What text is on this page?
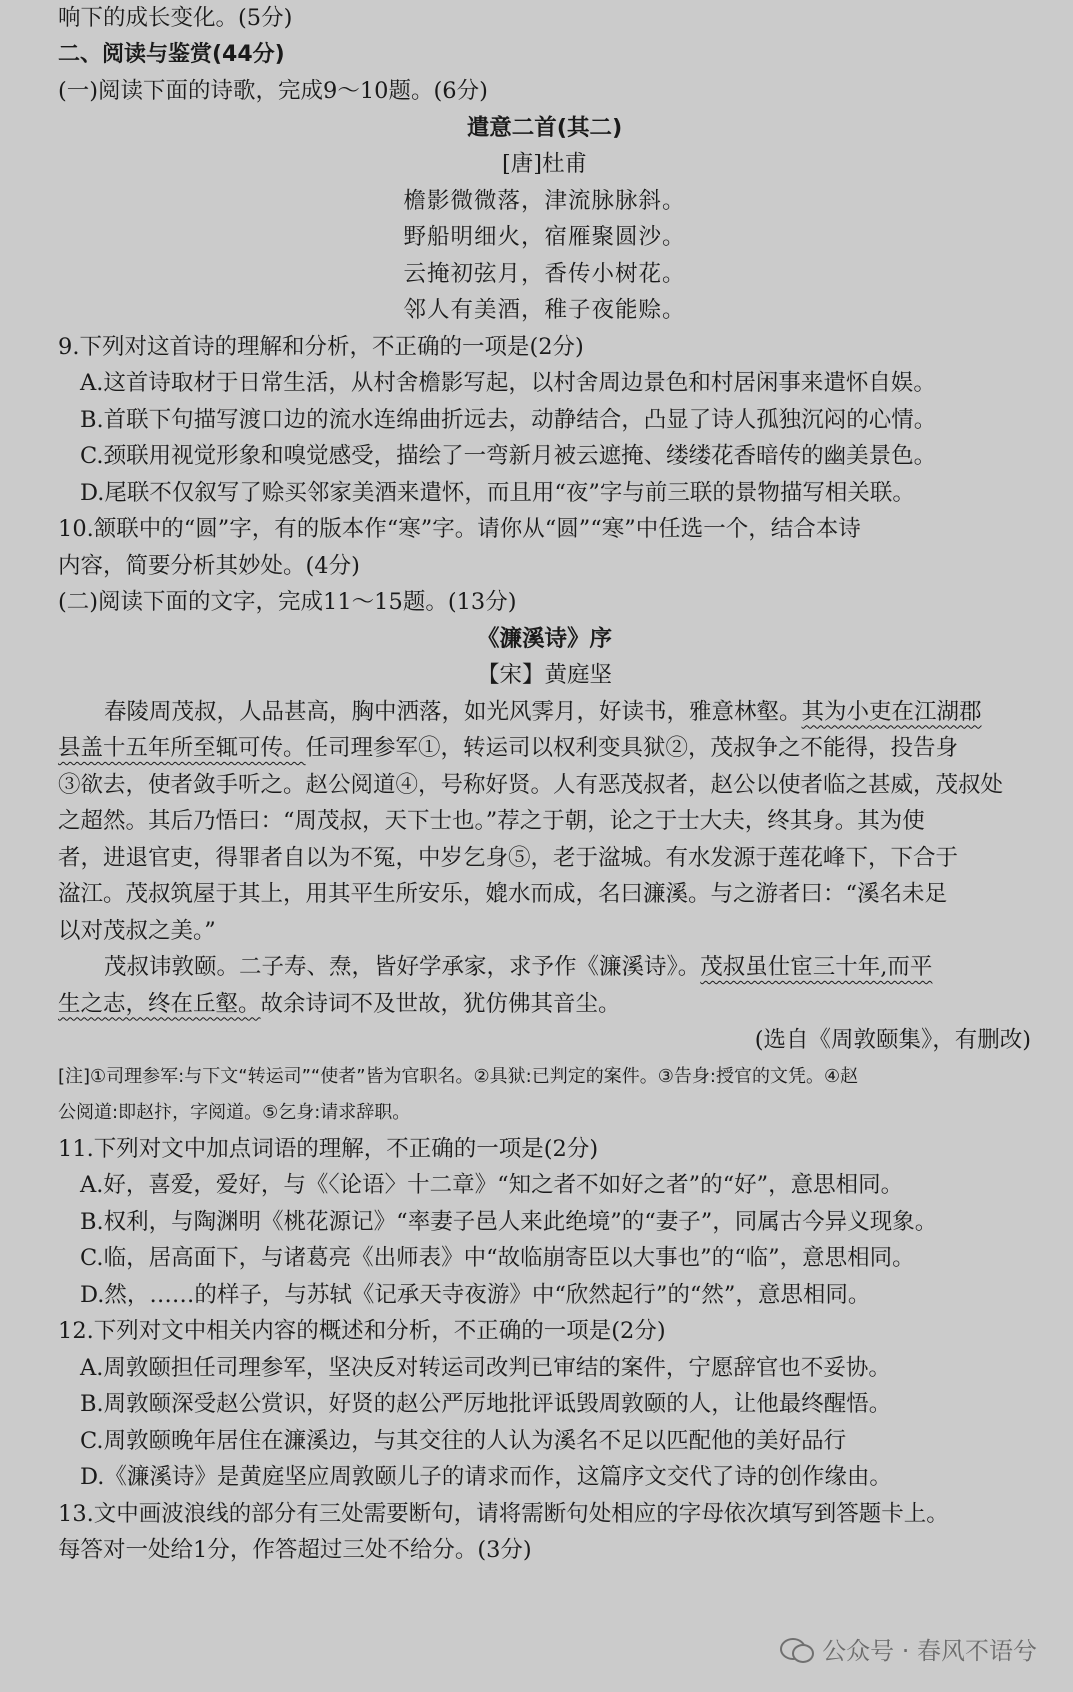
响下的成长变化。(5分)
二、阅读与鉴赏(44分)
(一)阅读下面的诗歌，完成9～10题。(6分)
遣意二首(其二)
[唐]杜甫
檐影微微落，津流脉脉斜。
野船明细火，宿雁聚圆沙。
云掩初弦月，香传小树花。
邻人有美酒，稚子夜能赊。
9.下列对这首诗的理解和分析，不正确的一项是(2分)
A.这首诗取材于日常生活，从村舍檐影写起，以村舍周边景色和村居闲事来遣怀自娱。
B.首联下句描写渡口边的流水连绵曲折远去，动静结合，凸显了诗人孤独沉闷的心情。
C.颈联用视觉形象和嗅觉感受，描绘了一弯新月被云遮掩、缕缕花香暗传的幽美景色。
D.尾联不仅叙写了赊买邻家美酒来遣怀，而且用“夜”字与前三联的景物描写相关联。
10.颔联中的“圆”字，有的版本作“寒”字。请你从“圆”“寒”中任选一个，结合本诗
内容，简要分析其妙处。(4分)
(二)阅读下面的文字，完成11～15题。(13分)
《濂溪诗》序
【宋】黄庭坚
春陵周茂叔，人品甚高，胸中洒落，如光风霁月，好读书，雅意林壑。其为小吏在江湖郡
县盖十五年所至辄可传。任司理参军①，转运司以权利变具狱②，茂叔争之不能得，投告身
③欲去，使者敛手听之。赵公阅道④，号称好贤。人有恶茂叔者，赵公以使者临之甚威，茂叔处
之超然。其后乃悟曰：“周茂叔，天下士也。”荐之于朝，论之于士大夫，终其身。其为使
者，进退官吏，得罪者自以为不冤，中岁乞身⑤，老于湓城。有水发源于莲花峰下，下合于
湓江。茂叔筑屋于其上，用其平生所安乐，媲水而成，名曰濂溪。与之游者曰：“溪名未足
以对茂叔之美。”
茂叔讳敦颐。二子寿、焘，皆好学承家，求予作《濂溪诗》。茂叔虽仕宦三十年,而平
生之志，终在丘壑。故余诗词不及世故，犹仿佛其音尘。
(选自《周敦颐集》，有删改)
[注]①司理参军:与下文“转运司”“使者”皆为官职名。②具狱:已判定的案件。③告身:授官的文凭。④赵
公阅道:即赵抃，字阅道。⑤乞身:请求辞职。
11.下列对文中加点词语的理解，不正确的一项是(2分)
A.好，喜爱，爱好，与《〈论语〉十二章》“知之者不如好之者”的“好”，意思相同。
B.权利，与陶渊明《桃花源记》“率妻子邑人来此绝境”的“妻子”，同属古今异义现象。
C.临，居高面下，与诸葛亮《出师表》中“故临崩寄臣以大事也”的“临”，意思相同。
D.然，……的样子，与苏轼《记承天寺夜游》中“欣然起行”的“然”，意思相同。
12.下列对文中相关内容的概述和分析，不正确的一项是(2分)
A.周敦颐担任司理参军，坚决反对转运司改判已审结的案件，宁愿辞官也不妥协。
B.周敦颐深受赵公赏识，好贤的赵公严厉地批评诋毁周敦颐的人，让他最终醒悟。
C.周敦颐晚年居住在濂溪边，与其交往的人认为溪名不足以匹配他的美好品行
D.《濂溪诗》是黄庭坚应周敦颐儿子的请求而作，这篇序文交代了诗的创作缘由。
13.文中画波浪线的部分有三处需要断句，请将需断句处相应的字母依次填写到答题卡上。
每答对一处给1分，作答超过三处不给分。(3分)
公众号 · 春风不语兮
